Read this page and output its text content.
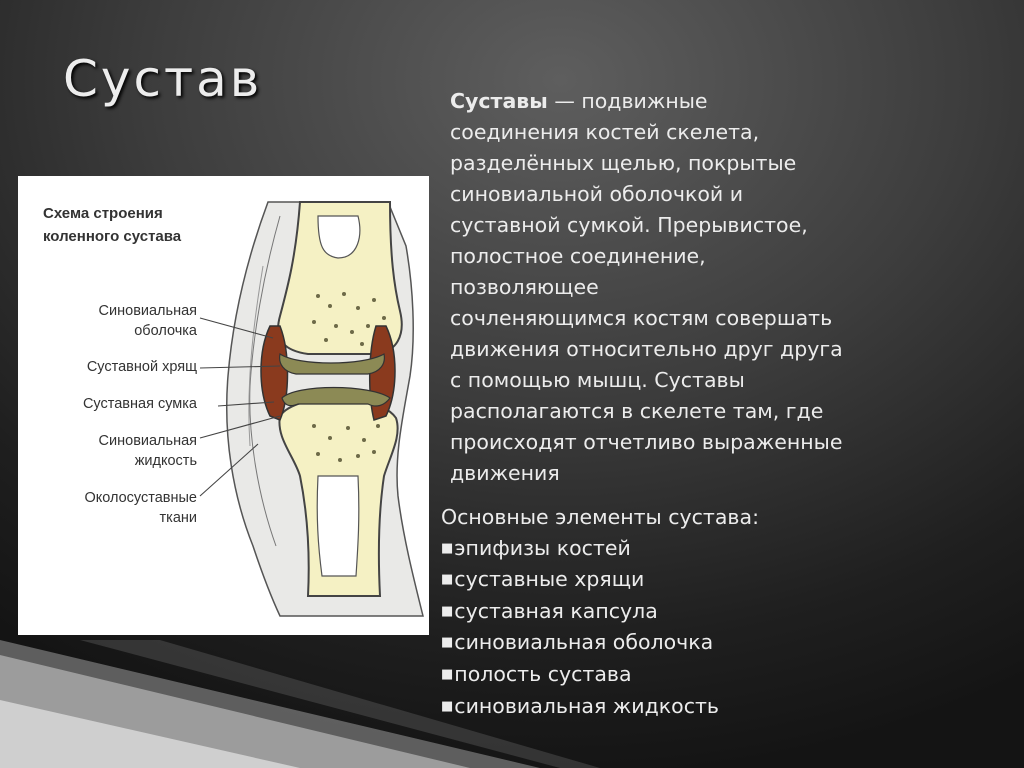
Сустав
Схема строения коленного сустава
Синовиальная
оболочка
Суставной хрящ
Суставная сумка
Синовиальная
жидкость
Околосуставные
ткани
Суставы — подвижные
соединения костей скелета,
разделённых щелью, покрытые
синовиальной оболочкой и
суставной сумкой. Прерывистое,
полостное соединение,
позволяющее
сочленяющимся костям совершать
движения относительно друг друга
с помощью мышц. Суставы
располагаются в скелете там, где
происходят отчетливо выраженные
движения
Основные элементы сустава:
■эпифизы костей
■суставные хрящи
■суставная капсула
■синовиальная оболочка
■полость сустава
■синовиальная жидкость
